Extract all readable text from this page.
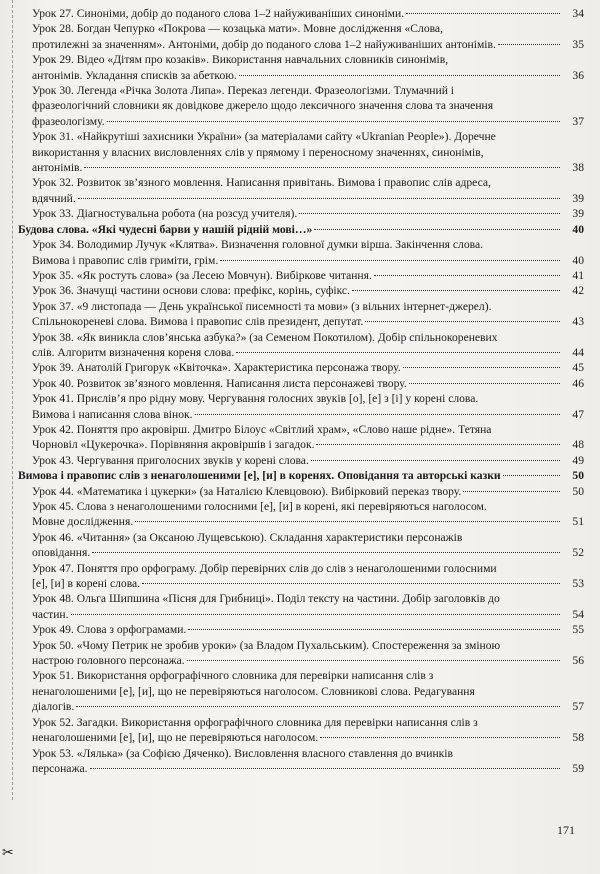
✂
Урок 27. Синоніми, добір до поданого слова 1–2 найуживаніших синоніми.	34
Урок 28. Богдан Чепурко «Покрова — козацька мати». Мовне дослідження «Слова,
протилежні за значенням». Антоніми, добір до поданого слова 1–2 найуживаніших антонімів.	35
Урок 29. Відео «Дітям про козаків». Використання навчальних словників синонімів,
антонімів. Укладання списків за абеткою.	36
Урок 30. Легенда «Річка Золота Липа». Переказ легенди. Фразеологізми. Тлумачний і
фразеологічний словники як довідкове джерело щодо лексичного значення слова та значення
фразеологізму.	37
Урок 31. «Найкрутіші захисники України» (за матеріалами сайту «Ukranian People»). Доречне
використання у власних висловленнях слів у прямому і переносному значеннях, синонімів,
антонімів.	38
Урок 32. Розвиток зв’язного мовлення. Написання привітань. Вимова і правопис слів адреса,
вдячний.	39
Урок 33. Діагностувальна робота (на розсуд учителя).	39
Будова слова. «Які чудесні барви у нашій рідній мові…»	40
Урок 34. Володимир Лучук «Клятва». Визначення головної думки вірша. Закінчення слова.
Вимова і правопис слів гриміти, грім.	40
Урок 35. «Як ростуть слова» (за Лесею Мовчун). Вибіркове читання.	41
Урок 36. Значущі частини основи слова: префікс, корінь, суфікс.	42
Урок 37. «9 листопада — День української писемності та мови» (з вільних інтернет-джерел).
Спільнокореневі слова. Вимова і правопис слів президент, депутат.	43
Урок 38. «Як виникла слов’янська азбука?» (за Семеном Покотилом). Добір спільнокореневих
слів. Алгоритм визначення кореня слова.	44
Урок 39. Анатолій Григорук «Квіточка». Характеристика персонажа твору.	45
Урок 40. Розвиток зв’язного мовлення. Написання листа персонажеві твору.	46
Урок 41. Прислів’я про рідну мову. Чергування голосних звуків [о], [е] з [і] у корені слова.
Вимова і написання слова вінок.	47
Урок 42. Поняття про акровірш. Дмитро Білоус «Світлий храм», «Слово наше рідне». Тетяна
Чорновіл «Цукерочка». Порівняння акровіршів і загадок.	48
Урок 43. Чергування приголосних звуків у корені слова.	49
Вимова і правопис слів з ненаголошеними [е], [и] в коренях. Оповідання та авторські казки	50
Урок 44. «Математика і цукерки» (за Наталією Клевцовою). Вибірковий переказ твору.	50
Урок 45. Слова з ненаголошеними голосними [е], [и] в корені, які перевіряються наголосом.
Мовне дослідження.	51
Урок 46. «Читання» (за Оксаною Лущевською). Складання характеристики персонажів
оповідання.	52
Урок 47. Поняття про орфограму. Добір перевірних слів до слів з ненаголошеними голосними
[е], [и] в корені слова.	53
Урок 48. Ольга Шипшина «Пісня для Грибниці». Поділ тексту на частини. Добір заголовків до
частин.	54
Урок 49. Слова з орфограмами.	55
Урок 50. «Чому Петрик не зробив уроки» (за Владом Пухальським). Спостереження за зміною
настрою головного персонажа.	56
Урок 51. Використання орфографічного словника для перевірки написання слів з
ненаголошеними [е], [и], що не перевіряються наголосом. Словникові слова. Редагування
діалогів.	57
Урок 52. Загадки. Використання орфографічного словника для перевірки написання слів з
ненаголошеними [е], [и], що не перевіряються наголосом.	58
Урок 53. «Лялька» (за Софією Дяченко). Висловлення власного ставлення до вчинків
персонажа.	59
171
